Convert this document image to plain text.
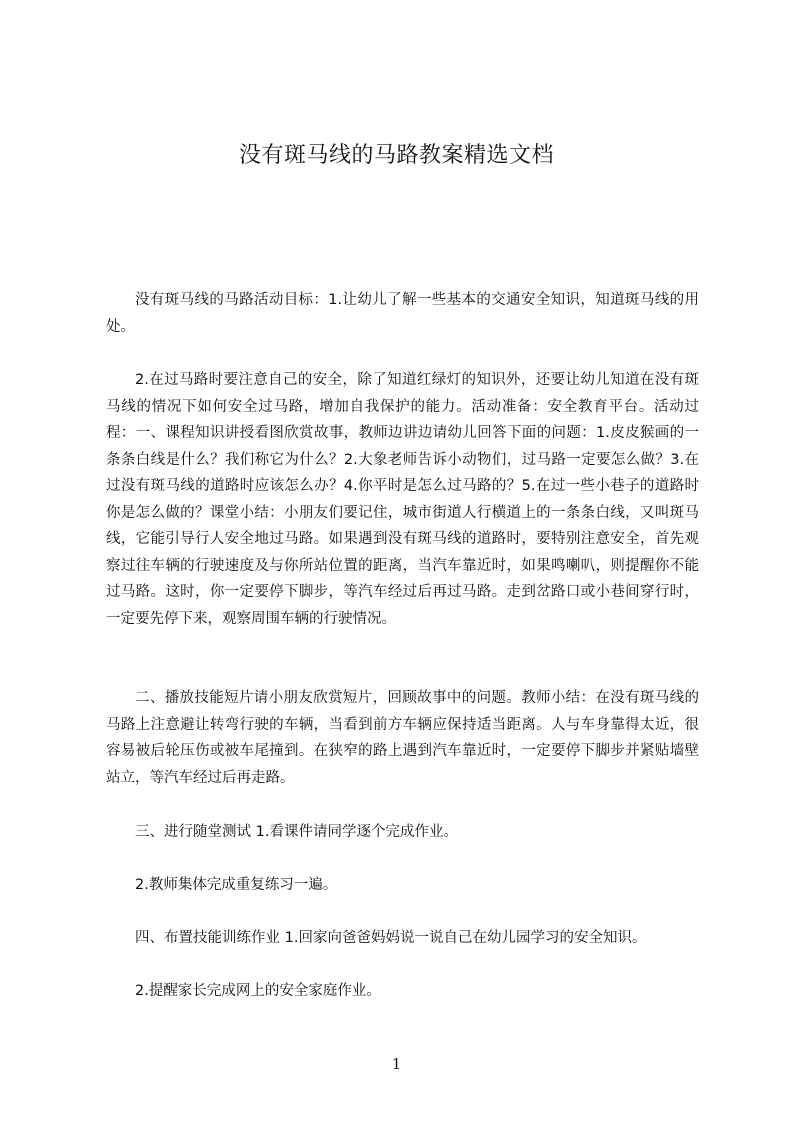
没有斑马线的马路教案精选文档

没有斑马线的马路活动目标：1.让幼儿了解一些基本的交通安全知识，知道斑马线的用处。

2.在过马路时要注意自己的安全，除了知道红绿灯的知识外，还要让幼儿知道在没有斑马线的情况下如何安全过马路，增加自我保护的能力。活动准备：安全教育平台。活动过程：一、课程知识讲授看图欣赏故事，教师边讲边请幼儿回答下面的问题：1.皮皮猴画的一条条白线是什么？我们称它为什么？2.大象老师告诉小动物们，过马路一定要怎么做？3.在过没有斑马线的道路时应该怎么办？4.你平时是怎么过马路的？5.在过一些小巷子的道路时你是怎么做的？课堂小结：小朋友们要记住，城市街道人行横道上的一条条白线，又叫斑马线，它能引导行人安全地过马路。如果遇到没有斑马线的道路时，要特别注意安全，首先观察过往车辆的行驶速度及与你所站位置的距离，当汽车靠近时，如果鸣喇叭，则提醒你不能过马路。这时，你一定要停下脚步，等汽车经过后再过马路。走到岔路口或小巷间穿行时，一定要先停下来，观察周围车辆的行驶情况。

二、播放技能短片请小朋友欣赏短片，回顾故事中的问题。教师小结：在没有斑马线的马路上注意避让转弯行驶的车辆，当看到前方车辆应保持适当距离。人与车身靠得太近，很容易被后轮压伤或被车尾撞到。在狭窄的路上遇到汽车靠近时，一定要停下脚步并紧贴墙壁站立，等汽车经过后再走路。

三、进行随堂测试 1.看课件请同学逐个完成作业。

2.教师集体完成重复练习一遍。

四、布置技能训练作业 1.回家向爸爸妈妈说一说自己在幼儿园学习的安全知识。

2.提醒家长完成网上的安全家庭作业。

1
